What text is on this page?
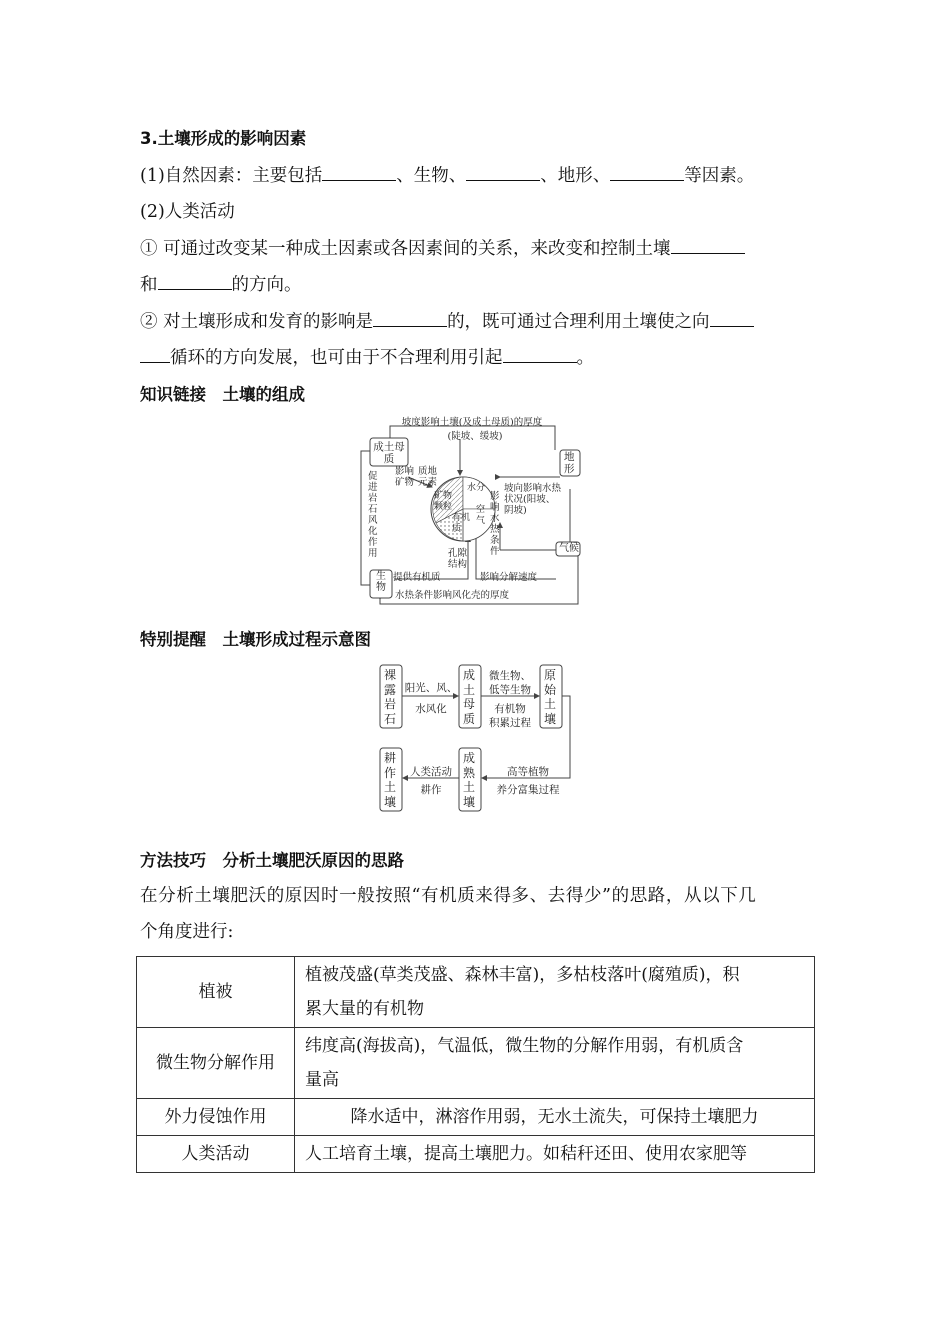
3.土壤形成的影响因素
(1)自然因素：主要包括	、生物、	、地形、	等因素。
(2)人类活动
① 可通过改变某一种成土因素或各因素间的关系，来改变和控制土壤
和	的方向。
② 对土壤形成和发育的影响是	的，既可通过合理利用土壤使之向
循环的方向发展，也可由于不合理利用引起	。
知识链接　土壤的组成
成土母质	地形
气候
生物
坡度影响土壤(及成土母质)的厚度
(陡坡、缓坡)
促进岩石风化作用
影响矿物
质地元素
矿物颗粒
有机质
水分
空气
影响水热条件
坡向影响水热状况(阳坡、阴坡)
孔隙结构
提供有机质	影响分解速度
水热条件影响风化壳的厚度
特别提醒　土壤形成过程示意图
裸露岩石
成土母质
原始土壤
成熟土壤
耕作土壤
阳光、风、
水风化
微生物、
低等生物
有机物
积累过程
高等植物
养分富集过程
人类活动
耕作
方法技巧　分析土壤肥沃原因的思路
在分析土壤肥沃的原因时一般按照“有机质来得多、去得少”的思路，从以下几
个角度进行:
植被	植被茂盛(草类茂盛、森林丰富)，多枯枝落叶(腐殖质)，积
累大量的有机物

微生物分解作用	纬度高(海拔高)，气温低，微生物的分解作用弱，有机质含
量高

外力侵蚀作用	降水适中，淋溶作用弱，无水土流失，可保持土壤肥力
人类活动	人工培育土壤，提高土壤肥力。如秸秆还田、使用农家肥等
